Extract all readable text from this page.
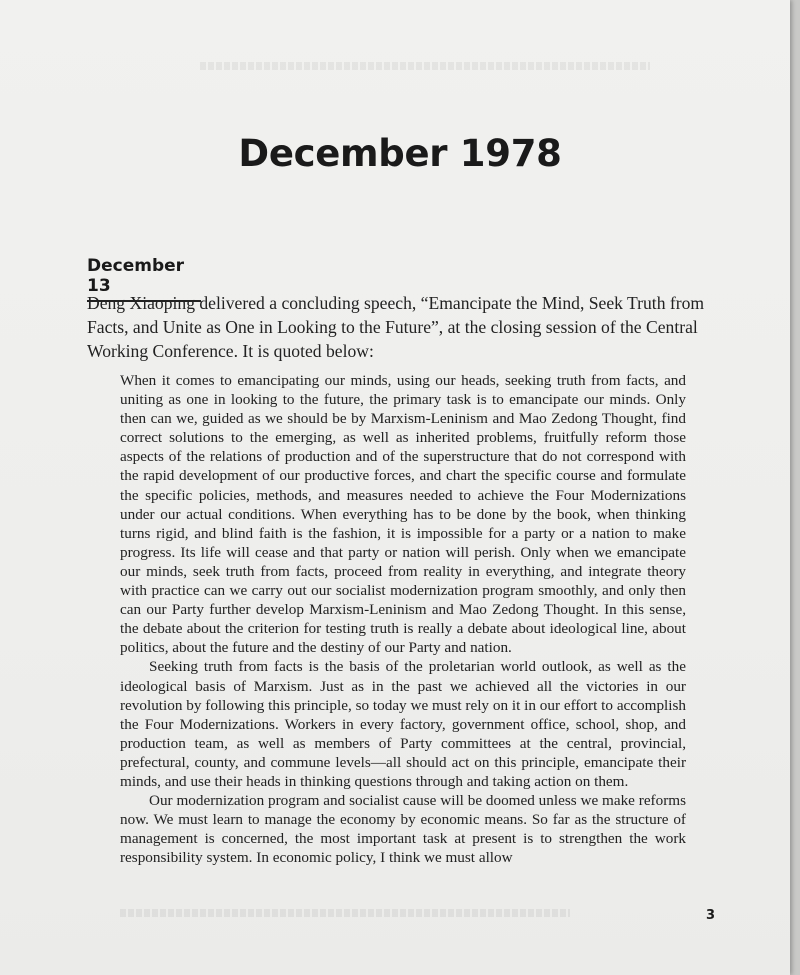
December 1978
December 13

Deng Xiaoping delivered a concluding speech, “Emancipate the Mind, Seek Truth from Facts, and Unite as One in Looking to the Future”, at the closing session of the Central Working Conference. It is quoted below:

When it comes to emancipating our minds, using our heads, seeking truth from facts, and uniting as one in looking to the future, the primary task is to emancipate our minds. Only then can we, guided as we should be by Marxism-Leninism and Mao Zedong Thought, find correct solutions to the emerging, as well as inherited problems, fruitfully reform those aspects of the relations of production and of the superstructure that do not correspond with the rapid development of our productive forces, and chart the specific course and formulate the specific policies, methods, and measures needed to achieve the Four Modernizations under our actual conditions. When everything has to be done by the book, when thinking turns rigid, and blind faith is the fashion, it is impossible for a party or a nation to make progress. Its life will cease and that party or nation will perish. Only when we emancipate our minds, seek truth from facts, proceed from reality in everything, and integrate theory with practice can we carry out our socialist modernization program smoothly, and only then can our Party further develop Marxism-Leninism and Mao Zedong Thought. In this sense, the debate about the criterion for testing truth is really a debate about ideological line, about politics, about the future and the destiny of our Party and nation.

Seeking truth from facts is the basis of the proletarian world outlook, as well as the ideological basis of Marxism. Just as in the past we achieved all the victories in our revolution by following this principle, so today we must rely on it in our effort to accomplish the Four Modernizations. Workers in every factory, government office, school, shop, and production team, as well as members of Party committees at the central, provincial, prefectural, county, and commune levels—all should act on this principle, emancipate their minds, and use their heads in thinking questions through and taking action on them.

Our modernization program and socialist cause will be doomed unless we make reforms now. We must learn to manage the economy by economic means. So far as the structure of management is concerned, the most important task at present is to strengthen the work responsibility system. In economic policy, I think we must allow

3
